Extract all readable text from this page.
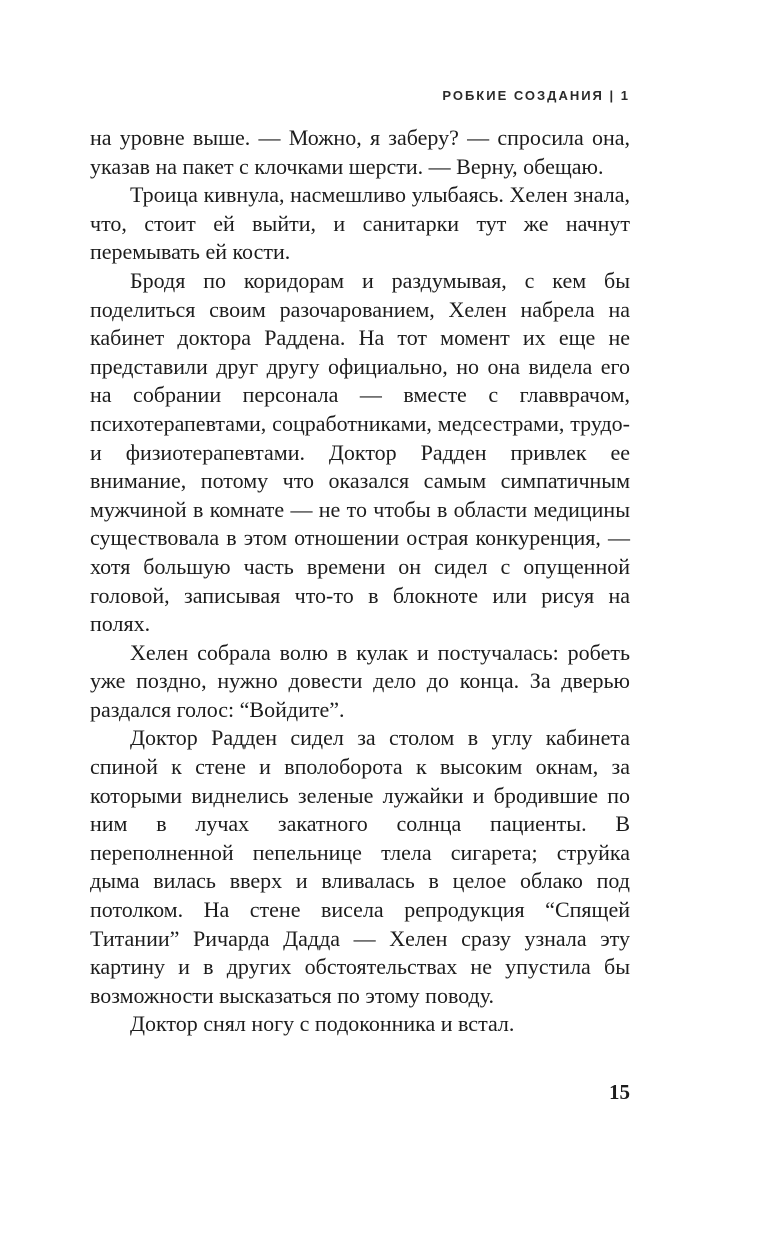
РОБКИЕ СОЗДАНИЯ | 1

на уровне выше. — Можно, я заберу? — спросила она, указав на пакет с клочками шерсти. — Верну, обещаю.

Троица кивнула, насмешливо улыбаясь. Хелен знала, что, стоит ей выйти, и санитарки тут же начнут перемывать ей кости.

Бродя по коридорам и раздумывая, с кем бы поделиться своим разочарованием, Хелен набрела на кабинет доктора Раддена. На тот момент их еще не представили друг другу официально, но она видела его на собрании персонала — вместе с главврачом, психотерапевтами, соцработниками, медсестрами, трудо- и физиотерапевтами. Доктор Радден привлек ее внимание, потому что оказался самым симпатичным мужчиной в комнате — не то чтобы в области медицины существовала в этом отношении острая конкуренция, — хотя большую часть времени он сидел с опущенной головой, записывая что-то в блокноте или рисуя на полях.

Хелен собрала волю в кулак и постучалась: робеть уже поздно, нужно довести дело до конца. За дверью раздался голос: “Войдите”.

Доктор Радден сидел за столом в углу кабинета спиной к стене и вполоборота к высоким окнам, за которыми виднелись зеленые лужайки и бродившие по ним в лучах закатного солнца пациенты. В переполненной пепельнице тлела сигарета; струйка дыма вилась вверх и вливалась в целое облако под потолком. На стене висела репродукция “Спящей Титании” Ричарда Дадда — Хелен сразу узнала эту картину и в других обстоятельствах не упустила бы возможности высказаться по этому поводу.

Доктор снял ногу с подоконника и встал.

15
